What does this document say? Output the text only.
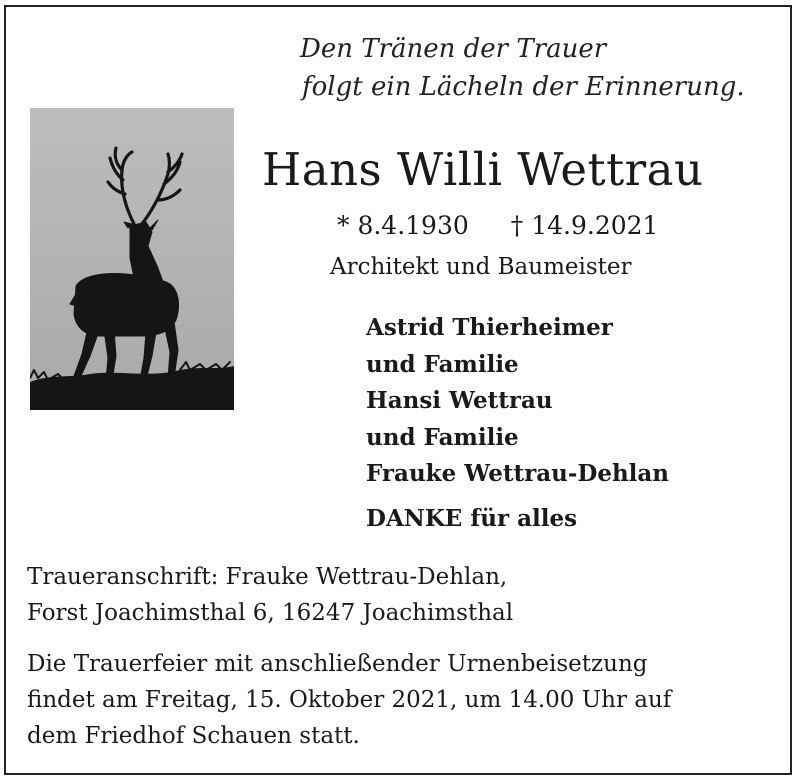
Den Tränen der Trauer
folgt ein Lächeln der Erinnerung.
Hans Willi Wettrau
* 8.4.1930 † 14.9.2021
Architekt und Baumeister
Astrid Thierheimer
und Familie
Hansi Wettrau
und Familie
Frauke Wettrau-Dehlan
DANKE für alles
Traueranschrift: Frauke Wettrau-Dehlan,
Forst Joachimsthal 6, 16247 Joachimsthal
Die Trauerfeier mit anschließender Urnenbeisetzung
findet am Freitag, 15. Oktober 2021, um 14.00 Uhr auf
dem Friedhof Schauen statt.
